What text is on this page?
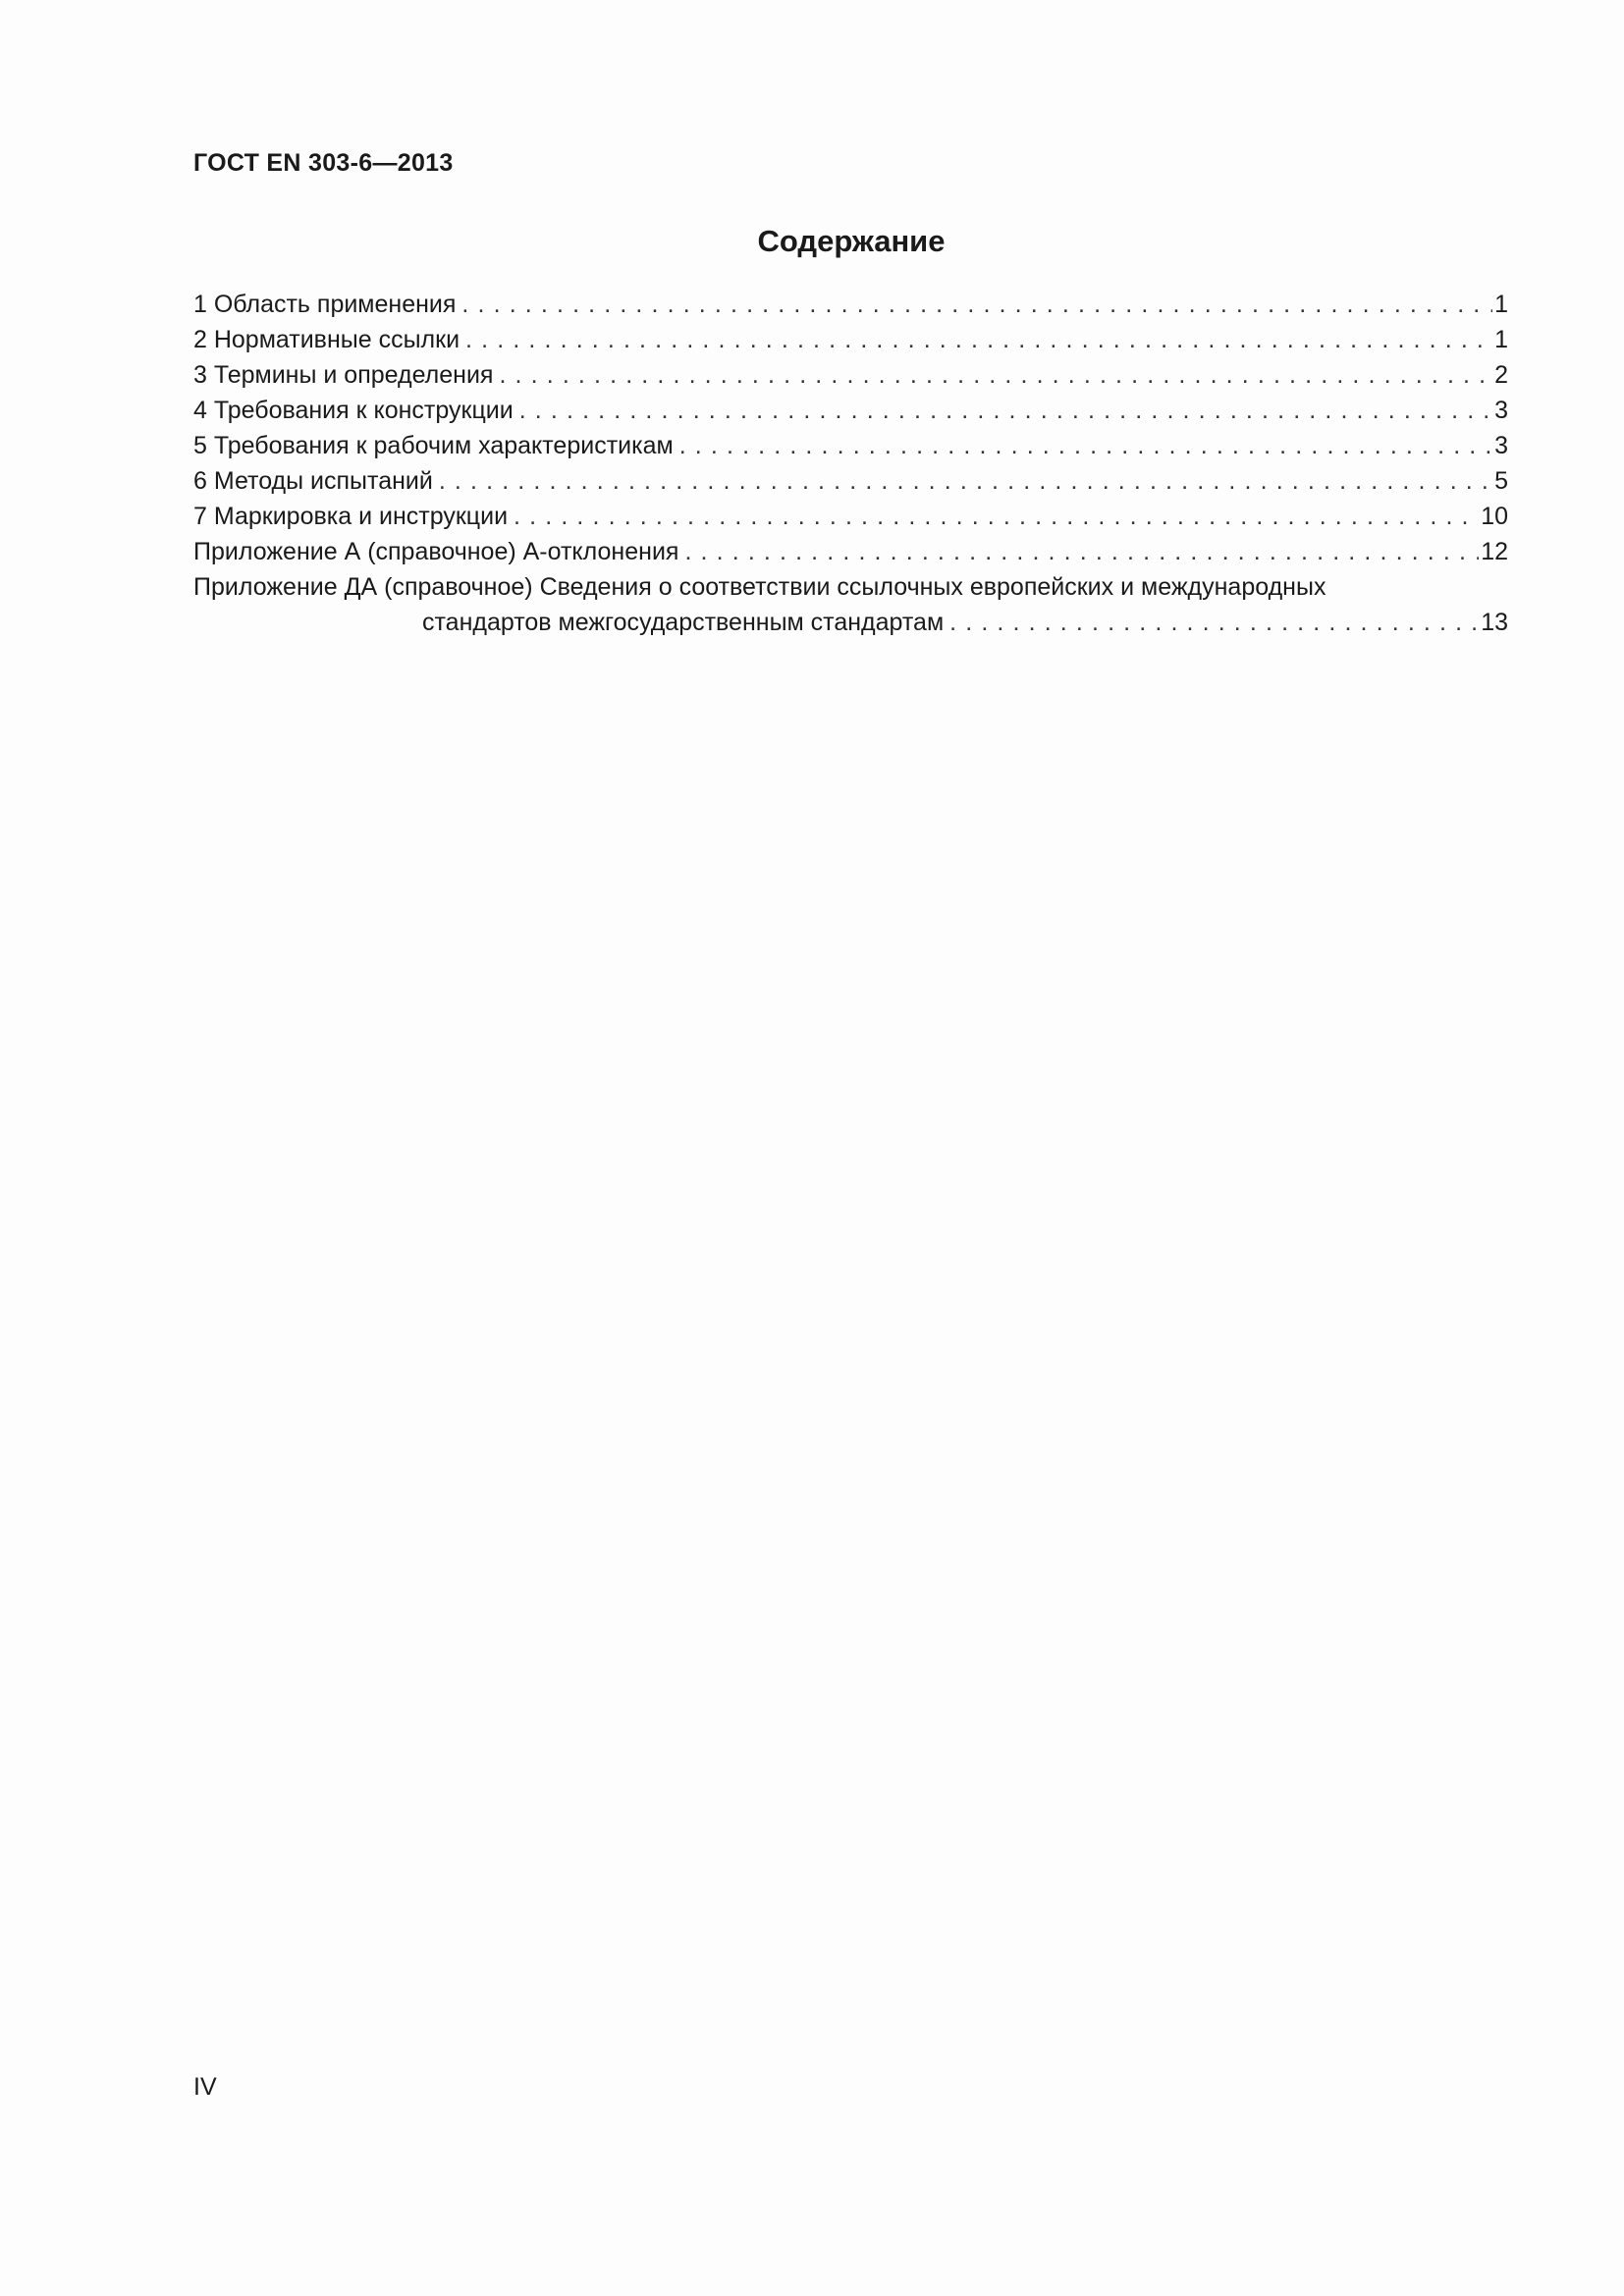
ГОСТ EN 303-6—2013
Содержание
1 Область применения . . .	1
2 Нормативные ссылки . . .	1
3 Термины и определения . . .	2
4 Требования к конструкции . . .	3
5 Требования к рабочим характеристикам . . .	3
6 Методы испытаний . . .	5
7 Маркировка и инструкции . . .	10
Приложение А (справочное) А-отклонения . . .	12
Приложение ДА (справочное) Сведения о соответствии ссылочных европейских и международных
стандартов межгосударственным стандартам . . .	13
IV
